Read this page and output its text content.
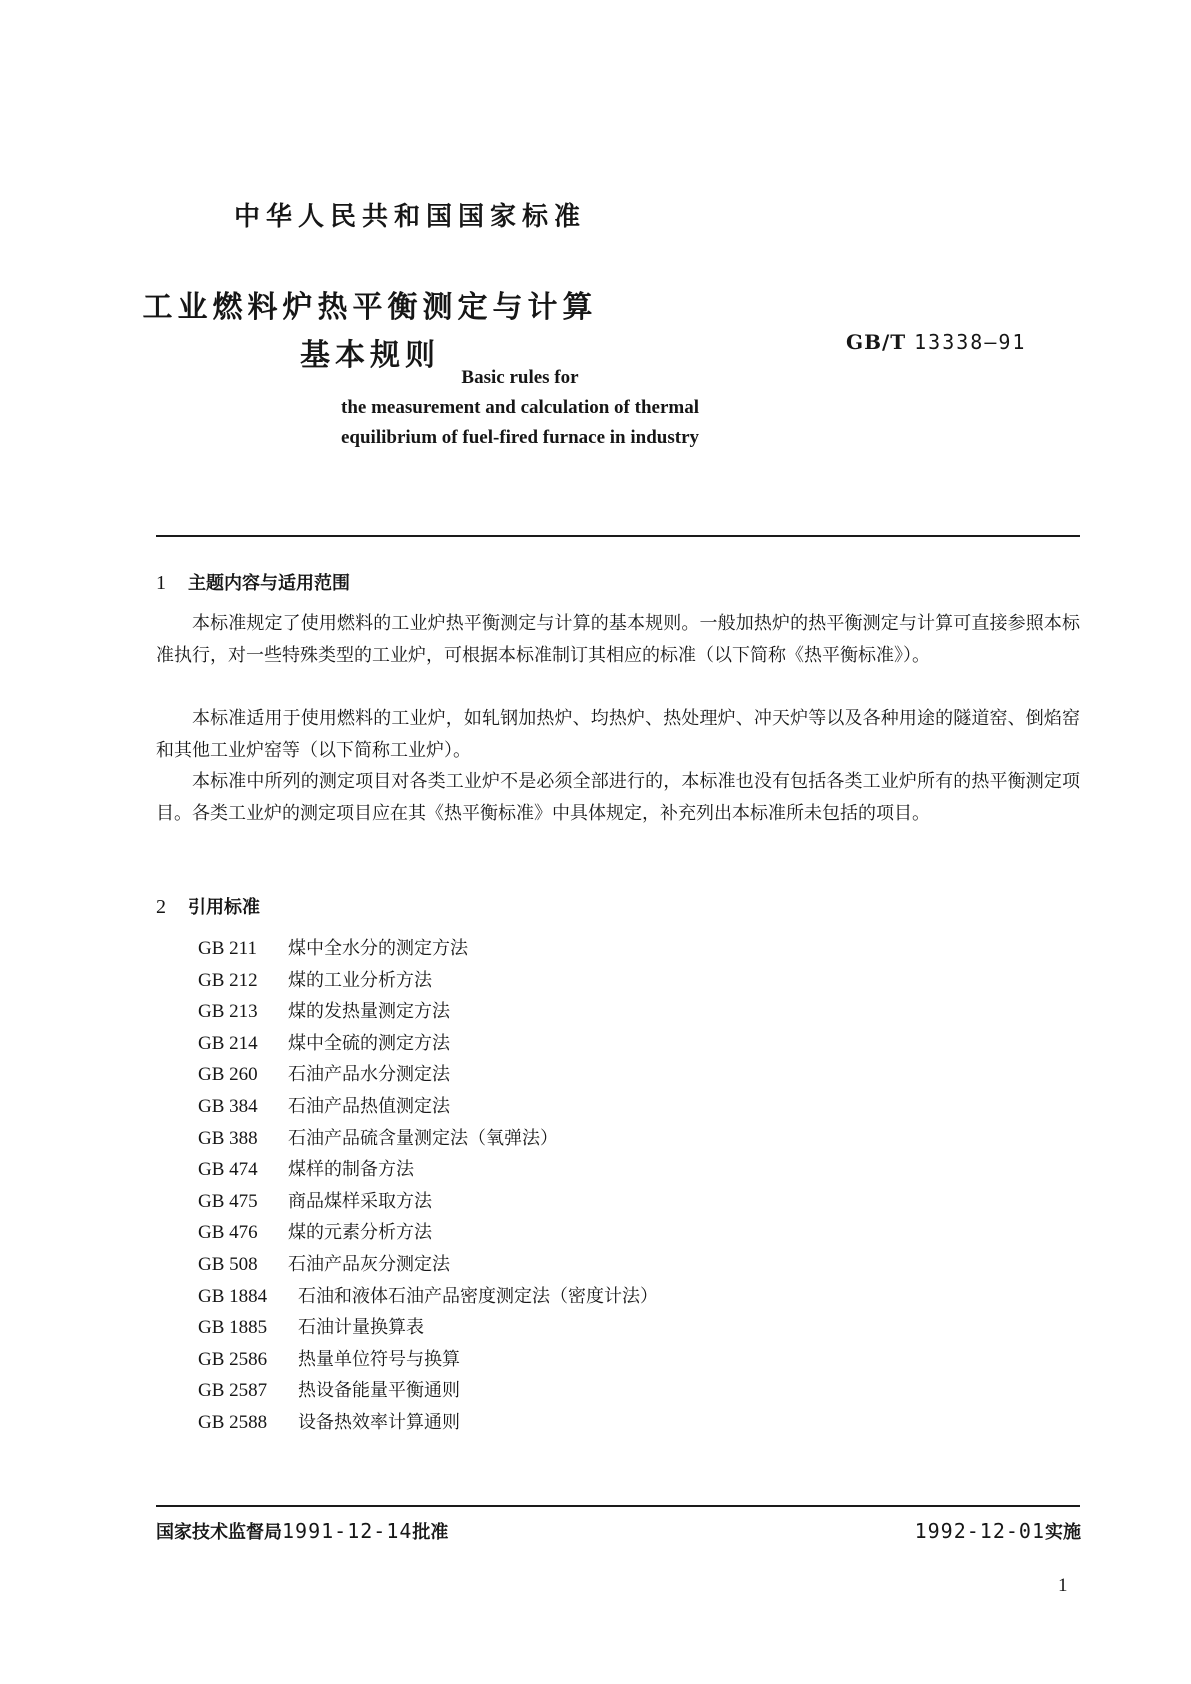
中华人民共和国国家标准
工业燃料炉热平衡测定与计算
基本规则	GB/T 13338—91
Basic rules for
the measurement and calculation of thermal
equilibrium of fuel-fired furnace in industry
1 主题内容与适用范围

本标准规定了使用燃料的工业炉热平衡测定与计算的基本规则。一般加热炉的热平衡测定与计算可直接参照本标准执行，对一些特殊类型的工业炉，可根据本标准制订其相应的标准（以下简称《热平衡标准》）。

本标准适用于使用燃料的工业炉，如轧钢加热炉、均热炉、热处理炉、冲天炉等以及各种用途的隧道窑、倒焰窑和其他工业炉窑等（以下简称工业炉）。

本标准中所列的测定项目对各类工业炉不是必须全部进行的，本标准也没有包括各类工业炉所有的热平衡测定项目。各类工业炉的测定项目应在其《热平衡标准》中具体规定，补充列出本标准所未包括的项目。

2 引用标准
GB 211 煤中全水分的测定方法
GB 212 煤的工业分析方法
GB 213 煤的发热量测定方法
GB 214 煤中全硫的测定方法
GB 260 石油产品水分测定法
GB 384 石油产品热值测定法
GB 388 石油产品硫含量测定法（氧弹法）
GB 474 煤样的制备方法
GB 475 商品煤样采取方法
GB 476 煤的元素分析方法
GB 508 石油产品灰分测定法
GB 1884 石油和液体石油产品密度测定法（密度计法）
GB 1885 石油计量换算表
GB 2586 热量单位符号与换算
GB 2587 热设备能量平衡通则
GB 2588 设备热效率计算通则
国家技术监督局1991-12-14批准	1992-12-01实施
1
